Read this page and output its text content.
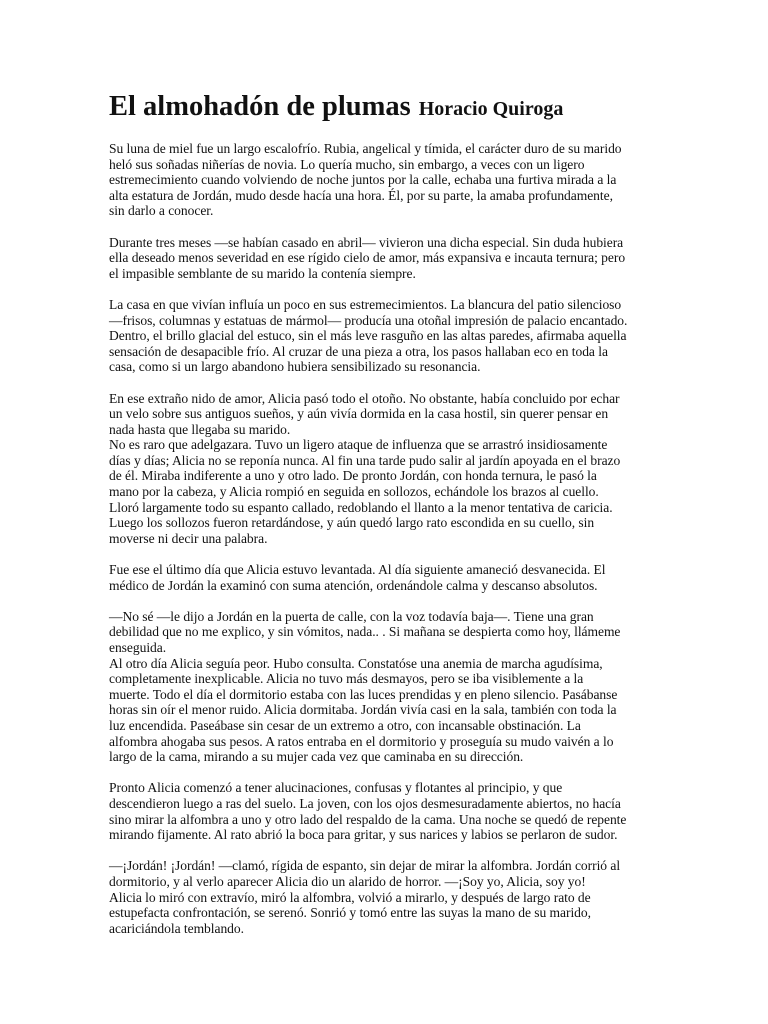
El almohadón de plumas Horacio Quiroga

Su luna de miel fue un largo escalofrío. Rubia, angelical y tímida, el carácter duro de su marido
heló sus soñadas niñerías de novia. Lo quería mucho, sin embargo, a veces con un ligero
estremecimiento cuando volviendo de noche juntos por la calle, echaba una furtiva mirada a la
alta estatura de Jordán, mudo desde hacía una hora. Él, por su parte, la amaba profundamente,
sin darlo a conocer.

Durante tres meses —se habían casado en abril— vivieron una dicha especial. Sin duda hubiera
ella deseado menos severidad en ese rígido cielo de amor, más expansiva e incauta ternura; pero
el impasible semblante de su marido la contenía siempre.

La casa en que vivían influía un poco en sus estremecimientos. La blancura del patio silencioso
—frisos, columnas y estatuas de mármol— producía una otoñal impresión de palacio encantado.
Dentro, el brillo glacial del estuco, sin el más leve rasguño en las altas paredes, afirmaba aquella
sensación de desapacible frío. Al cruzar de una pieza a otra, los pasos hallaban eco en toda la
casa, como si un largo abandono hubiera sensibilizado su resonancia.

En ese extraño nido de amor, Alicia pasó todo el otoño. No obstante, había concluido por echar
un velo sobre sus antiguos sueños, y aún vivía dormida en la casa hostil, sin querer pensar en
nada hasta que llegaba su marido.
No es raro que adelgazara. Tuvo un ligero ataque de influenza que se arrastró insidiosamente
días y días; Alicia no se reponía nunca. Al fin una tarde pudo salir al jardín apoyada en el brazo
de él. Miraba indiferente a uno y otro lado. De pronto Jordán, con honda ternura, le pasó la
mano por la cabeza, y Alicia rompió en seguida en sollozos, echándole los brazos al cuello.
Lloró largamente todo su espanto callado, redoblando el llanto a la menor tentativa de caricia.
Luego los sollozos fueron retardándose, y aún quedó largo rato escondida en su cuello, sin
moverse ni decir una palabra.

Fue ese el último día que Alicia estuvo levantada. Al día siguiente amaneció desvanecida. El
médico de Jordán la examinó con suma atención, ordenándole calma y descanso absolutos.

—No sé —le dijo a Jordán en la puerta de calle, con la voz todavía baja—. Tiene una gran
debilidad que no me explico, y sin vómitos, nada.. . Si mañana se despierta como hoy, llámeme
enseguida.
Al otro día Alicia seguía peor. Hubo consulta. Constatóse una anemia de marcha agudísima,
completamente inexplicable. Alicia no tuvo más desmayos, pero se iba visiblemente a la
muerte. Todo el día el dormitorio estaba con las luces prendidas y en pleno silencio. Pasábanse
horas sin oír el menor ruido. Alicia dormitaba. Jordán vivía casi en la sala, también con toda la
luz encendida. Paseábase sin cesar de un extremo a otro, con incansable obstinación. La
alfombra ahogaba sus pesos. A ratos entraba en el dormitorio y proseguía su mudo vaivén a lo
largo de la cama, mirando a su mujer cada vez que caminaba en su dirección.

Pronto Alicia comenzó a tener alucinaciones, confusas y flotantes al principio, y que
descendieron luego a ras del suelo. La joven, con los ojos desmesuradamente abiertos, no hacía
sino mirar la alfombra a uno y otro lado del respaldo de la cama. Una noche se quedó de repente
mirando fijamente. Al rato abrió la boca para gritar, y sus narices y labios se perlaron de sudor.

—¡Jordán! ¡Jordán! —clamó, rígida de espanto, sin dejar de mirar la alfombra. Jordán corrió al
dormitorio, y al verlo aparecer Alicia dio un alarido de horror. —¡Soy yo, Alicia, soy yo!
Alicia lo miró con extravío, miró la alfombra, volvió a mirarlo, y después de largo rato de
estupefacta confrontación, se serenó. Sonrió y tomó entre las suyas la mano de su marido,
acariciándola temblando.
